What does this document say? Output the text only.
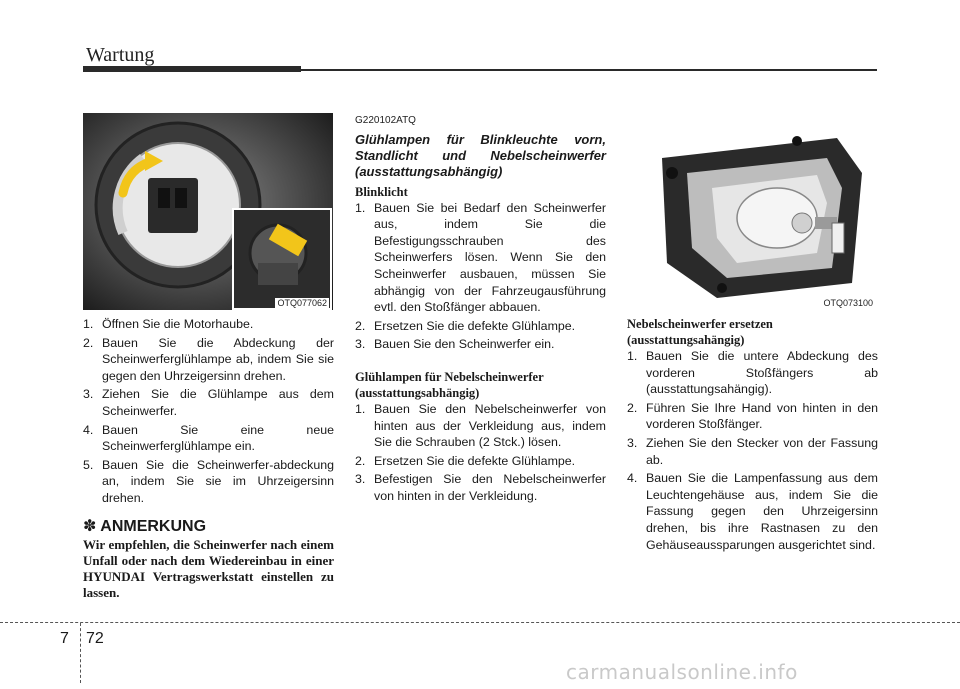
Wartung
OTQ077062	OTQ073100
1. Öffnen Sie die Motorhaube.
2. Bauen Sie die Abdeckung der Scheinwerferglühlampe ab, indem Sie sie gegen den Uhrzeigersinn drehen.
3. Ziehen Sie die Glühlampe aus dem Scheinwerfer.
4. Bauen Sie eine neue Scheinwerferglühlampe ein.
5. Bauen Sie die Scheinwerfer-abdeckung an, indem Sie sie im Uhrzeigersinn drehen.
✽ ANMERKUNG

Wir empfehlen, die Scheinwerfer nach einem Unfall oder nach dem Wiedereinbau in einer HYUNDAI Vertragswerkstatt einstellen zu lassen.

G220102ATQ
Glühlampen für Blinkleuchte vorn, Standlicht und Nebelscheinwerfer (ausstattungsabhängig)
Blinklicht
1. Bauen Sie bei Bedarf den Scheinwerfer aus, indem Sie die Befestigungsschrauben des Scheinwerfers lösen. Wenn Sie den Scheinwerfer ausbauen, müssen Sie abhängig von der Fahrzeugausführung evtl. den Stoßfänger abbauen.
2. Ersetzen Sie die defekte Glühlampe.
3. Bauen Sie den Scheinwerfer ein.
Glühlampen für Nebelscheinwerfer (ausstattungsabhängig)
1. Bauen Sie den Nebelscheinwerfer von hinten aus der Verkleidung aus, indem Sie die Schrauben (2 Stck.) lösen.
2. Ersetzen Sie die defekte Glühlampe.
3. Befestigen Sie den Nebelscheinwerfer von hinten in der Verkleidung.
Nebelscheinwerfer ersetzen (ausstattungsahängig)
1. Bauen Sie die untere Abdeckung des vorderen Stoßfängers ab (ausstattungsahängig).
2. Führen Sie Ihre Hand von hinten in den vorderen Stoßfänger.
3. Ziehen Sie den Stecker von der Fassung ab.
4. Bauen Sie die Lampenfassung aus dem Leuchtengehäuse aus, indem Sie die Fassung gegen den Uhrzeigersinn drehen, bis ihre Rastnasen zu den Gehäuseaussparungen ausgerichtet sind.
7 72
carmanualsonline.info
